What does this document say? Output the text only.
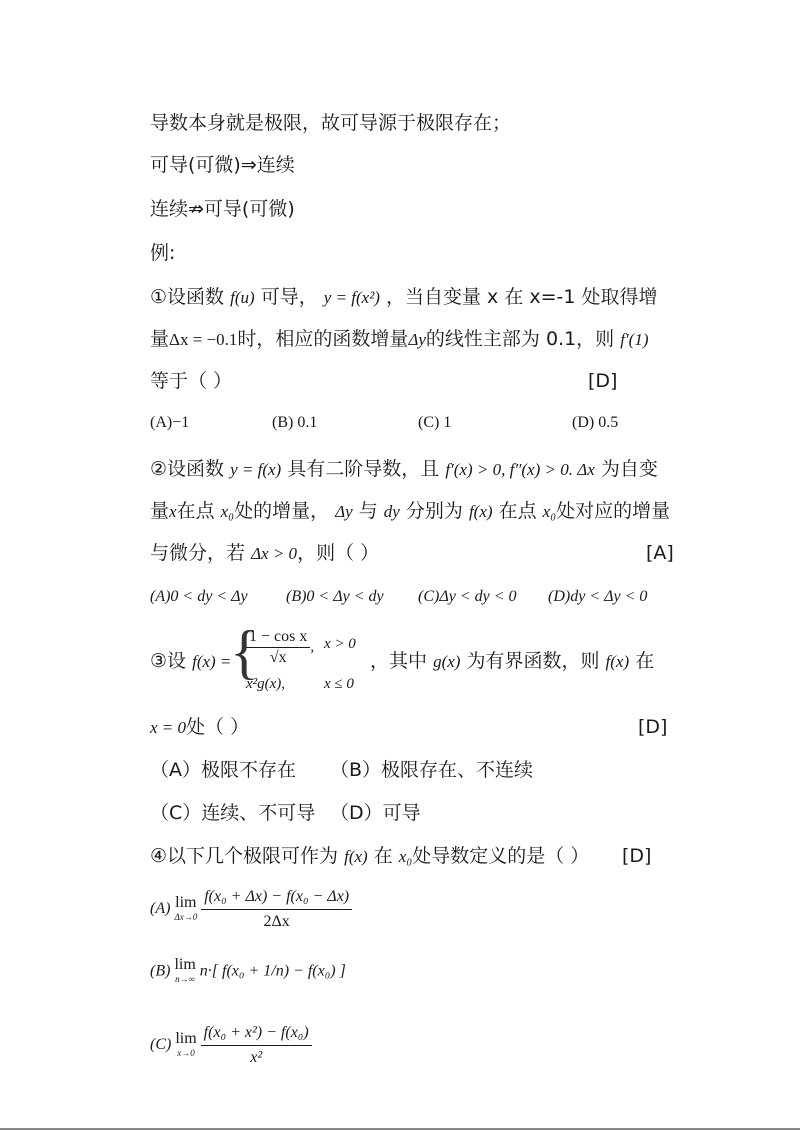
导数本身就是极限，故可导源于极限存在；
可导(可微)⇒连续
连续⇏可导(可微)
例:
①设函数 f(u) 可导， y = f(x²) ，当自变量 x 在 x=-1 处取得增
量Δx = −0.1时，相应的函数增量Δy的线性主部为 0.1，则 f′(1)
等于（ ）	[D]
(A)−1	(B) 0.1	(C) 1	(D) 0.5
②设函数 y = f(x) 具有二阶导数，且 f′(x) > 0, f″(x) > 0. Δx 为自变
量x在点 x₀处的增量， Δy 与 dy 分别为 f(x) 在点 x₀处对应的增量
与微分，若 Δx > 0，则（ ）	[A]
(A)0 < dy < Δy (B)0 < Δy < dy (C)Δy < dy < 0 (D)dy < Δy < 0
③设 f(x) =
{
$\frac{\text{1 − cos x}}{√x}$ , x > 0
x²g(x),	x ≤ 0
，其中 g(x) 为有界函数，则 f(x) 在
x = 0处（ ）	[D]
（A）极限不存在 （B）极限存在、不连续
（C）连续、不可导 （D）可导
④以下几个极限可作为 f(x) 在 x₀处导数定义的是（ ） [D]
(A) lim
Δx→0
$\frac{\text{f(x₀ + Δx) − f(x₀ − Δx)}}{2\Delta x}$
(B) lim
n→∞ n·[ f(x₀ + 1/n) − f(x₀) ]
(C) lim
x→0
$\frac{\text{f(x₀ + x²) − f(x₀)}}{\text{x²}}$
